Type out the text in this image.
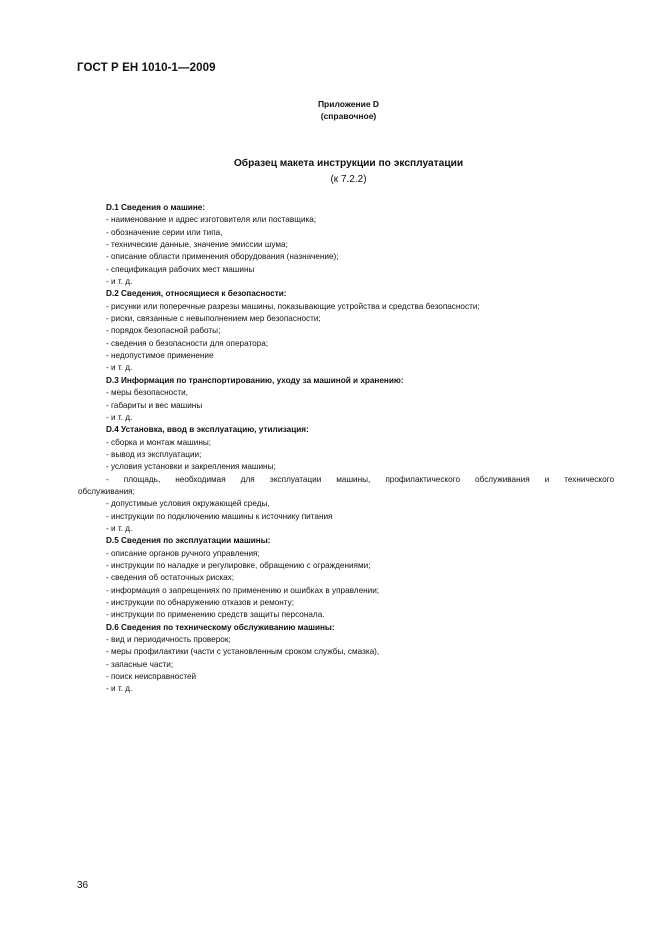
ГОСТ Р ЕН 1010-1—2009
Приложение D
(справочное)
Образец макета инструкции по эксплуатации
(к 7.2.2)
D.1 Сведения о машине:
- наименование и адрес изготовителя или поставщика;
- обозначение серии или типа,
- технические данные, значение эмиссии шума;
- описание области применения оборудования (назначение);
- спецификация рабочих мест машины
- и т. д.
D.2 Сведения, относящиеся к безопасности:
- рисунки или поперечные разрезы машины, показывающие устройства и средства безопасности;
- риски, связанные с невыполнением мер безопасности;
- порядок безопасной работы;
- сведения о безопасности для оператора;
- недопустимое применение
- и т. д.
D.3 Информация по транспортированию, уходу за машиной и хранению:
- меры безопасности,
- габариты и вес машины
- и т. д.
D.4 Установка, ввод в эксплуатацию, утилизация:
- сборка и монтаж машины;
- вывод из эксплуатации;
- условия установки и закрепления машины;
- площадь, необходимая для эксплуатации машины, профилактического обслуживания и технического
обслуживания;
- допустимые условия окружающей среды,
- инструкции по подключению машины к источнику питания
- и т. д.
D.5 Сведения по эксплуатации машины:
- описание органов ручного управления;
- инструкции по наладке и регулировке, обращению с ограждениями;
- сведения об остаточных рисках;
- информация о запрещениях по применению и ошибках в управлении;
- инструкции по обнаружению отказов и ремонту;
- инструкции по применению средств защиты персонала.
D.6 Сведения по техническому обслуживанию машины:
- вид и периодичность проверок;
- меры профилактики (части с установленным сроком службы, смазка),
- запасные части;
- поиск неисправностей
- и т. д.
36
